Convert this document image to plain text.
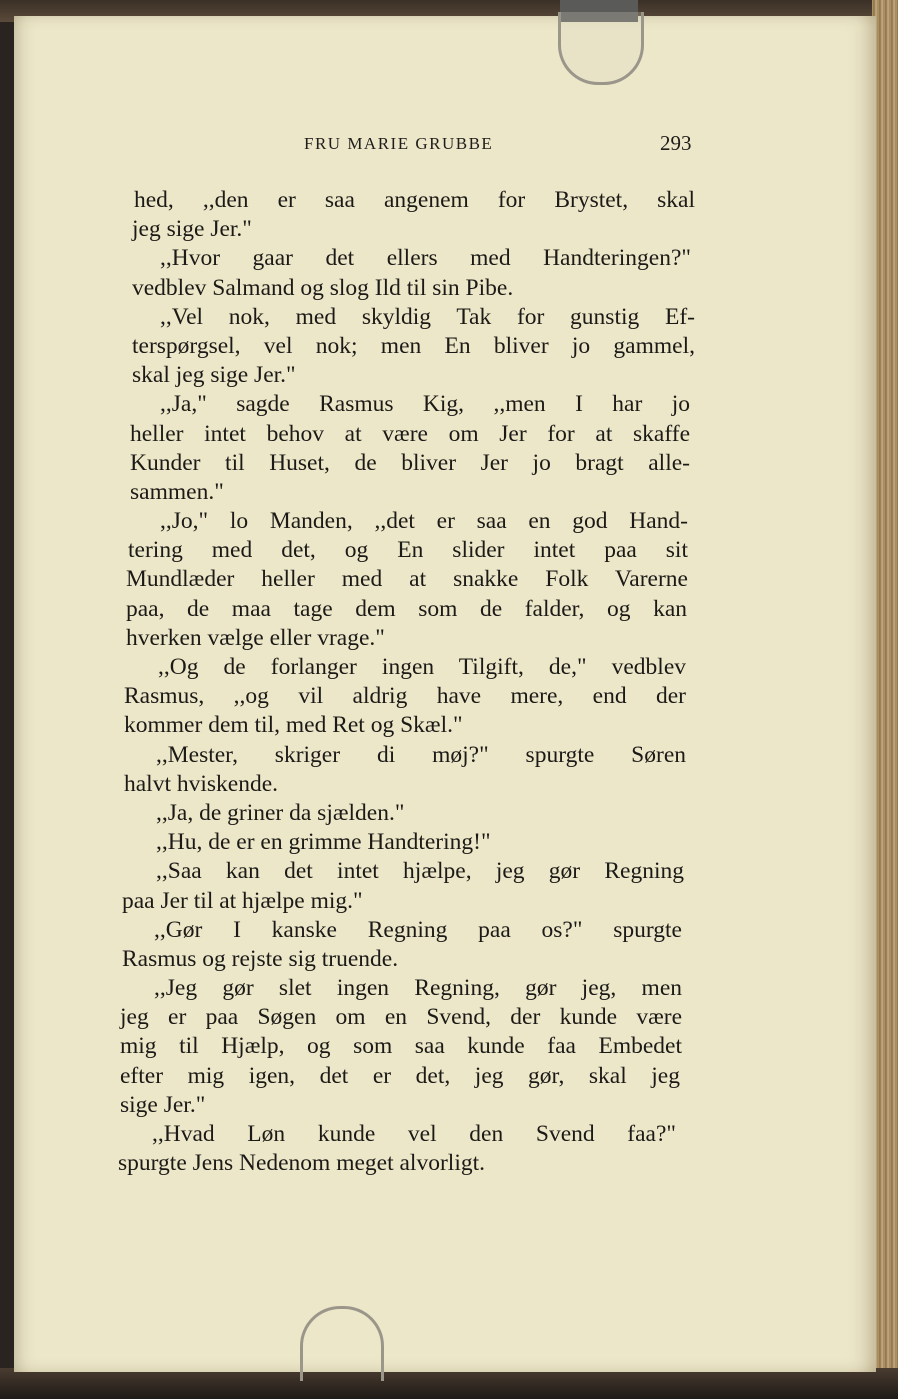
FRU MARIE GRUBBE	293
hed, ,,den er saa angenem for Brystet, skal
jeg sige Jer."
,,Hvor gaar det ellers med Handteringen?"
vedblev Salmand og slog Ild til sin Pibe.
,,Vel nok, med skyldig Tak for gunstig Ef-
terspørgsel, vel nok; men En bliver jo gammel,
skal jeg sige Jer."
,,Ja," sagde Rasmus Kig, ,,men I har jo
heller intet behov at være om Jer for at skaffe
Kunder til Huset, de bliver Jer jo bragt alle-
sammen."
,,Jo," lo Manden, ,,det er saa en god Hand-
tering med det, og En slider intet paa sit
Mundlæder heller med at snakke Folk Varerne
paa, de maa tage dem som de falder, og kan
hverken vælge eller vrage."
,,Og de forlanger ingen Tilgift, de," vedblev
Rasmus, ,,og vil aldrig have mere, end der
kommer dem til, med Ret og Skæl."
,,Mester, skriger di møj?" spurgte Søren
halvt hviskende.
,,Ja, de griner da sjælden."
,,Hu, de er en grimme Handtering!"
,,Saa kan det intet hjælpe, jeg gør Regning
paa Jer til at hjælpe mig."
,,Gør I kanske Regning paa os?" spurgte
Rasmus og rejste sig truende.
,,Jeg gør slet ingen Regning, gør jeg, men
jeg er paa Søgen om en Svend, der kunde være
mig til Hjælp, og som saa kunde faa Embedet
efter mig igen, det er det, jeg gør, skal jeg
sige Jer."
,,Hvad Løn kunde vel den Svend faa?"
spurgte Jens Nedenom meget alvorligt.
